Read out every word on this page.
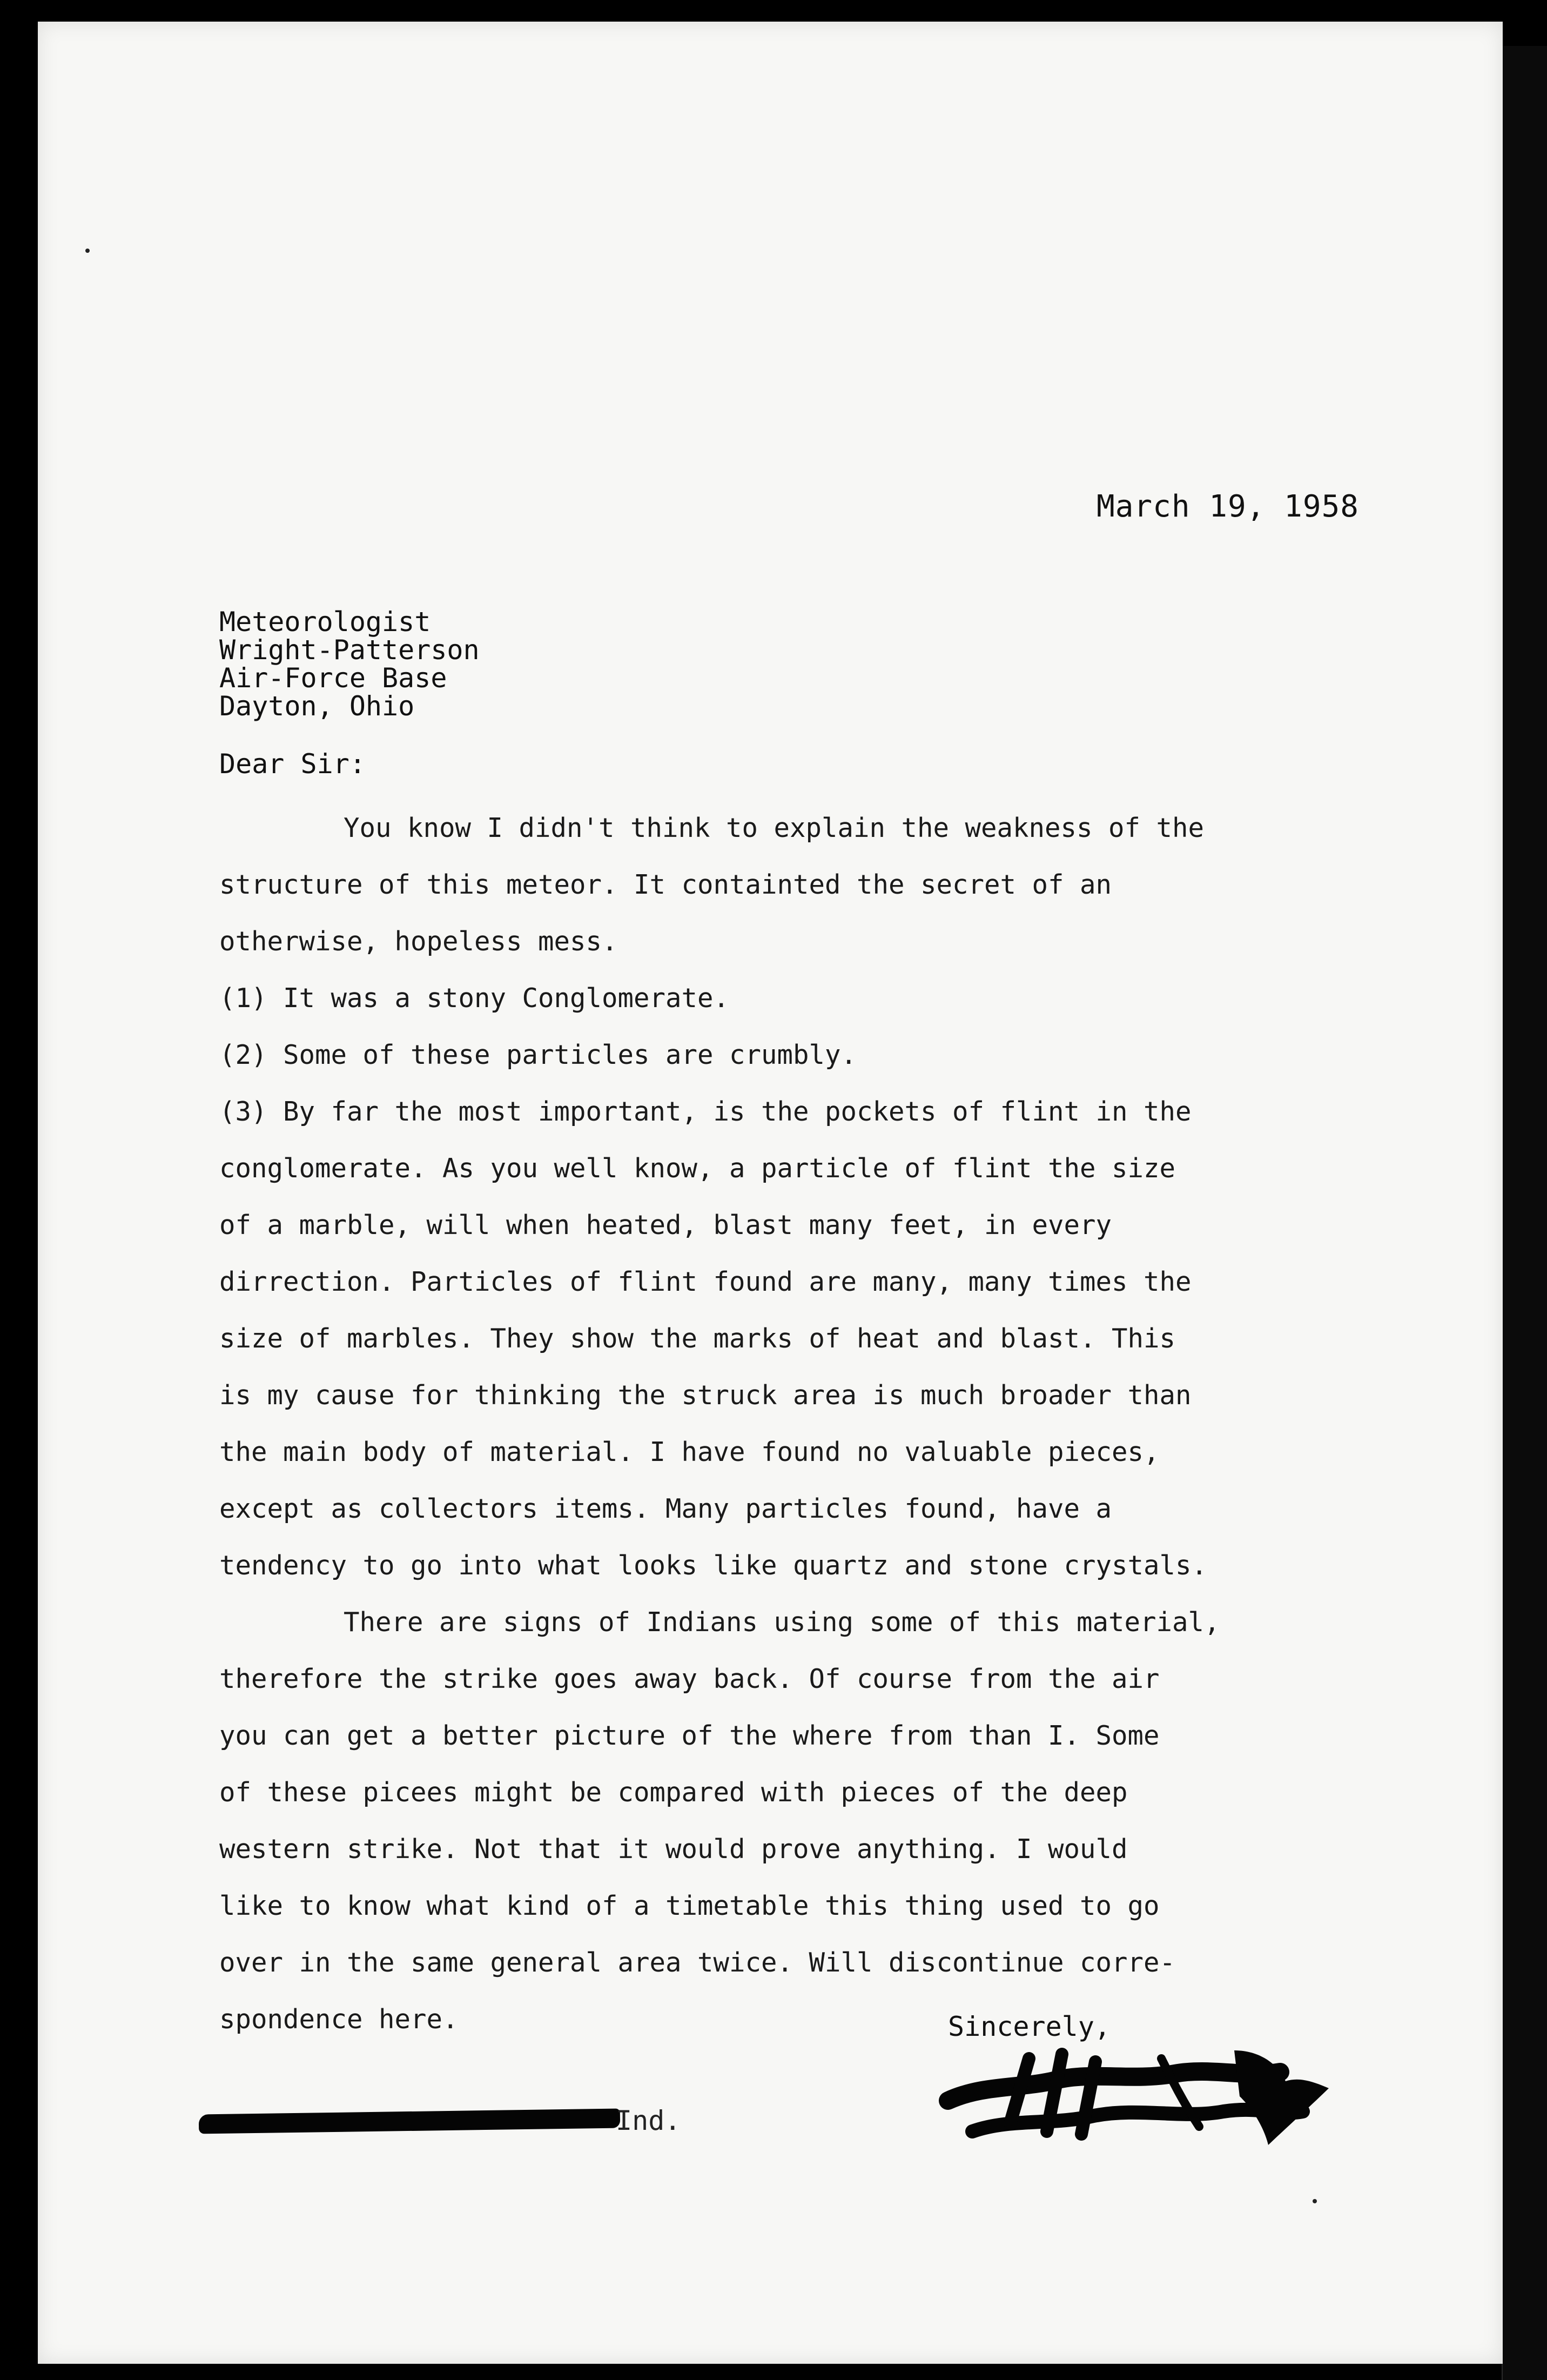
March 19, 1958
Meteorologist
Wright-Patterson
Air-Force Base
Dayton, Ohio
Dear Sir:
You know I didn't think to explain the weakness of the
structure of this meteor. It containted the secret of an
otherwise, hopeless mess.
(1) It was a stony Conglomerate.
(2) Some of these particles are crumbly.
(3) By far the most important, is the pockets of flint in the
conglomerate. As you well know, a particle of flint the size
of a marble, will when heated, blast many feet, in every
dirrection. Particles of flint found are many, many times the
size of marbles. They show the marks of heat and blast. This
is my cause for thinking the struck area is much broader than
the main body of material. I have found no valuable pieces,
except as collectors items. Many particles found, have a
tendency to go into what looks like quartz and stone crystals.
There are signs of Indians using some of this material,
therefore the strike goes away back. Of course from the air
you can get a better picture of the where from than I. Some
of these picees might be compared with pieces of the deep
western strike. Not that it would prove anything. I would
like to know what kind of a timetable this thing used to go
over in the same general area twice. Will discontinue corre-
spondence here.	Sincerely,
Ind.
